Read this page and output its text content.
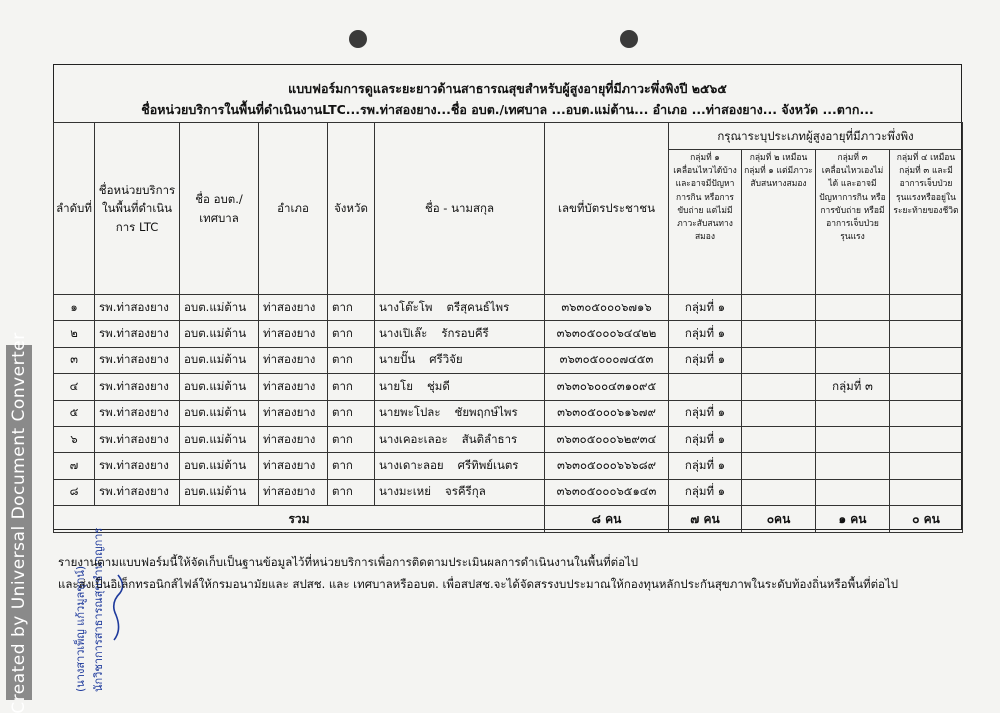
Created by Universal Document Converter
แบบฟอร์มการดูแลระยะยาวด้านสาธารณสุขสำหรับผู้สูงอายุที่มีภาวะพึ่งพิงปี ๒๕๖๕
ชื่อหน่วยบริการในพื้นที่ดำเนินงานLTC...รพ.ท่าสองยาง...ชื่อ อบต./เทศบาล ...อบต.แม่ต้าน... อำเภอ ...ท่าสองยาง... จังหวัด ...ตาก...
ลำดับที่	ชื่อหน่วยบริการในพื้นที่ดำเนินการ LTC	ชื่อ อบต./เทศบาล	อำเภอ	จังหวัด	ชื่อ - นามสกุล	เลขที่บัตรประชาชน	กรุณาระบุประเภทผู้สูงอายุที่มีภาวะพึ่งพิง			
							กลุ่มที่ ๑ เคลื่อนไหวได้บ้างและอาจมีปัญหาการกิน หรือการขับถ่าย แต่ไม่มีภาวะสับสนทางสมอง	กลุ่มที่ ๒ เหมือนกลุ่มที่ ๑ แต่มีภาวะสับสนทางสมอง	กลุ่มที่ ๓ เคลื่อนไหวเองไม่ได้ และอาจมีปัญหาการกิน หรือการขับถ่าย หรือมีอาการเจ็บป่วยรุนแรง	กลุ่มที่ ๔ เหมือนกลุ่มที่ ๓ และมีอาการเจ็บป่วยรุนแรงหรืออยู่ในระยะท้ายของชีวิต
๑	รพ.ท่าสองยาง	อบต.แม่ต้าน	ท่าสองยาง	ตาก	นางโต๊ะโพ ตรีสุคนธ์ไพร	๓๖๓๐๕๐๐๐๖๗๑๖	กลุ่มที่ ๑			
๒	รพ.ท่าสองยาง	อบต.แม่ต้าน	ท่าสองยาง	ตาก	นางเปิเล๊ะ รักรอบคีรี	๓๖๓๐๕๐๐๐๖๔๔๒๒	กลุ่มที่ ๑			
๓	รพ.ท่าสองยาง	อบต.แม่ต้าน	ท่าสองยาง	ตาก	นายปั๊น ศรีวิจัย	๓๖๓๐๕๐๐๐๗๔๕๓	กลุ่มที่ ๑			
๔	รพ.ท่าสองยาง	อบต.แม่ต้าน	ท่าสองยาง	ตาก	นายโย ชุ่มดี	๓๖๓๐๖๐๐๔๓๑๐๙๕			กลุ่มที่ ๓	
๕	รพ.ท่าสองยาง	อบต.แม่ต้าน	ท่าสองยาง	ตาก	นายพะโปละ ชัยพฤกษ์ไพร	๓๖๓๐๕๐๐๐๖๑๖๗๙	กลุ่มที่ ๑			
๖	รพ.ท่าสองยาง	อบต.แม่ต้าน	ท่าสองยาง	ตาก	นางเคอะเลอะ สันติลำธาร	๓๖๓๐๕๐๐๐๖๒๙๓๔	กลุ่มที่ ๑			
๗	รพ.ท่าสองยาง	อบต.แม่ต้าน	ท่าสองยาง	ตาก	นางเดาะลอย ศรีทิพย์เนตร	๓๖๓๐๕๐๐๐๖๖๖๘๙	กลุ่มที่ ๑			
๘	รพ.ท่าสองยาง	อบต.แม่ต้าน	ท่าสองยาง	ตาก	นางมะเหย่ จรคีรีกุล	๓๖๓๐๕๐๐๐๖๕๑๔๓	กลุ่มที่ ๑			
รวม						๘ คน	๗ คน	๐คน	๑ คน	๐ คน
(นางสาวเพ็ญ แก้วมูลชุกน์) นักวิชาการสาธารณสุขชำนาญการ
รายงานตามแบบฟอร์มนี้ให้จัดเก็บเป็นฐานข้อมูลไว้ที่หน่วยบริการเพื่อการติดตามประเมินผลการดำเนินงานในพื้นที่ต่อไป
และส่งเป็นอิเล็กทรอนิกส์ไฟล์ให้กรมอนามัยและ สปสช. และ เทศบาลหรืออบต. เพื่อสปสช.จะได้จัดสรรงบประมาณให้กองทุนหลักประกันสุขภาพในระดับท้องถิ่นหรือพื้นที่ต่อไป
